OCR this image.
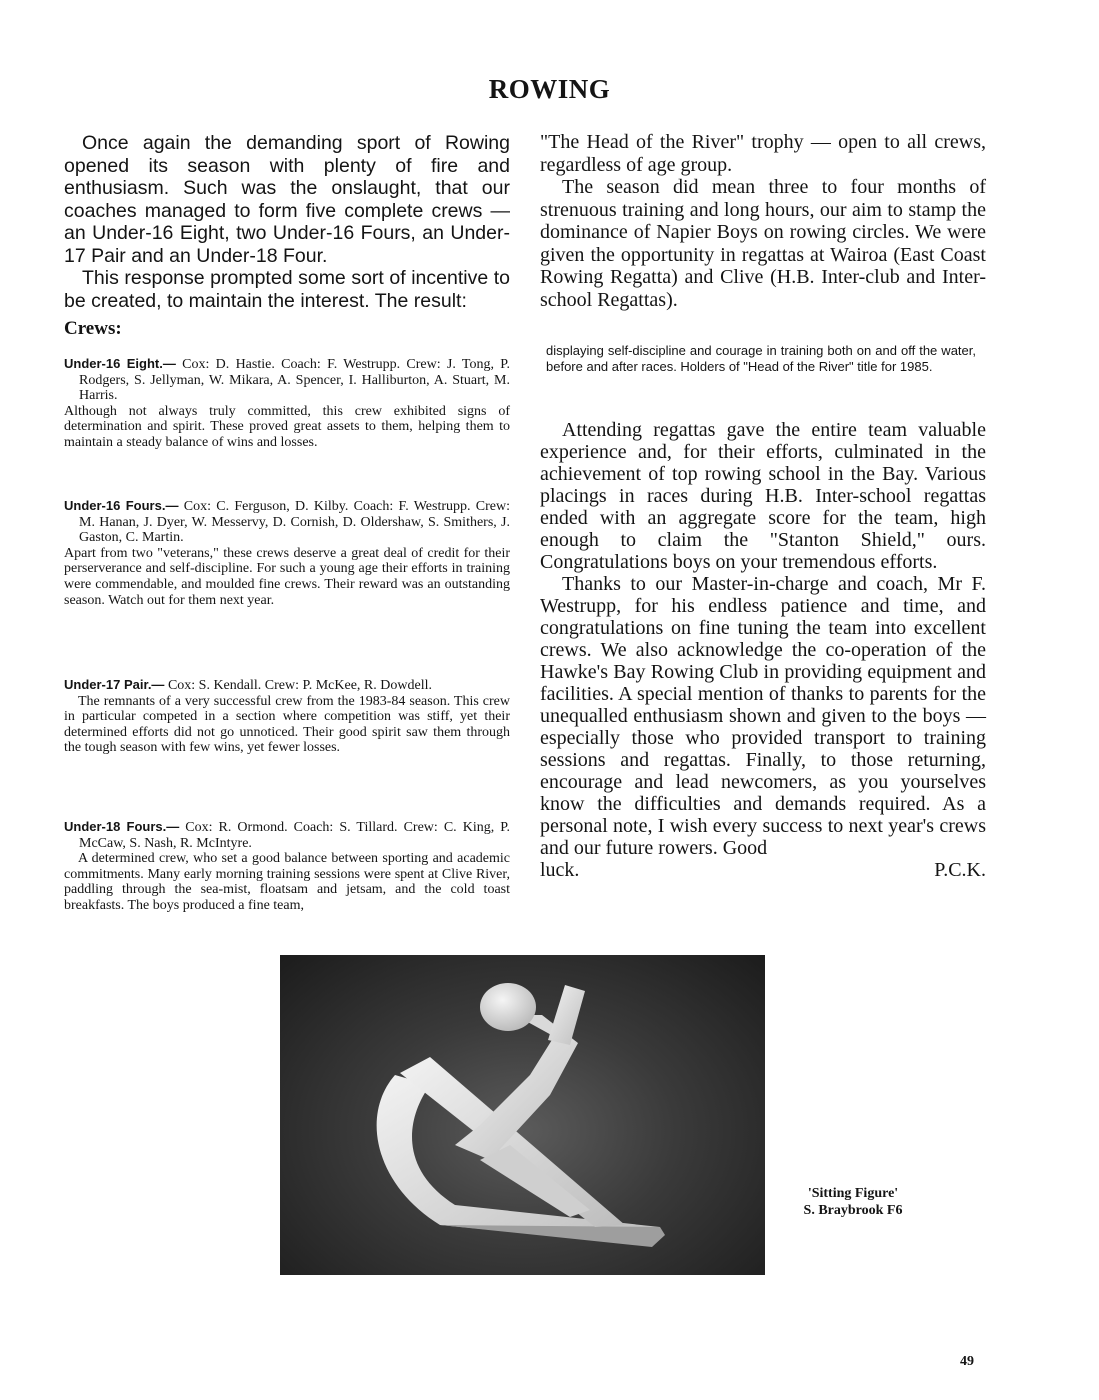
ROWING

Once again the demanding sport of Rowing opened its season with plenty of fire and enthusiasm. Such was the onslaught, that our coaches managed to form five complete crews — an Under-16 Eight, two Under-16 Fours, an Under-17 Pair and an Under-18 Four.

This response prompted some sort of incentive to be created, to maintain the interest. The result:

Crews:

Under-16 Eight.— Cox: D. Hastie. Coach: F. Westrupp. Crew: J. Tong, P. Rodgers, S. Jellyman, W. Mikara, A. Spencer, I. Halliburton, A. Stuart, M. Harris.

Although not always truly committed, this crew exhibited signs of determination and spirit. These proved great assets to them, helping them to maintain a steady balance of wins and losses.

Under-16 Fours.— Cox: C. Ferguson, D. Kilby. Coach: F. Westrupp. Crew: M. Hanan, J. Dyer, W. Messervy, D. Cornish, D. Oldershaw, S. Smithers, J. Gaston, C. Martin.

Apart from two "veterans," these crews deserve a great deal of credit for their perserverance and self-discipline. For such a young age their efforts in training were commendable, and moulded fine crews. Their reward was an outstanding season. Watch out for them next year.

Under-17 Pair.— Cox: S. Kendall. Crew: P. McKee, R. Dowdell.

The remnants of a very successful crew from the 1983-84 season. This crew in particular competed in a section where competition was stiff, yet their determined efforts did not go unnoticed. Their good spirit saw them through the tough season with few wins, yet fewer losses.

Under-18 Fours.— Cox: R. Ormond. Coach: S. Tillard. Crew: C. King, P. McCaw, S. Nash, R. McIntyre.

A determined crew, who set a good balance between sporting and academic commitments. Many early morning training sessions were spent at Clive River, paddling through the sea-mist, floatsam and jetsam, and the cold toast breakfasts. The boys produced a fine team,

"The Head of the River" trophy — open to all crews, regardless of age group.

The season did mean three to four months of strenuous training and long hours, our aim to stamp the dominance of Napier Boys on rowing circles. We were given the opportunity in regattas at Wairoa (East Coast Rowing Regatta) and Clive (H.B. Inter-club and Inter-school Regattas).

displaying self-discipline and courage in training both on and off the water, before and after races. Holders of "Head of the River" title for 1985.

Attending regattas gave the entire team valuable experience and, for their efforts, culminated in the achievement of top rowing school in the Bay. Various placings in races during H.B. Inter-school regattas ended with an aggregate score for the team, high enough to claim the "Stanton Shield," ours. Congratulations boys on your tremendous efforts.

Thanks to our Master-in-charge and coach, Mr F. Westrupp, for his endless patience and time, and congratulations on fine tuning the team into excellent crews. We also acknowledge the co-operation of the Hawke's Bay Rowing Club in providing equipment and facilities. A special mention of thanks to parents for the unequalled enthusiasm shown and given to the boys — especially those who provided transport to training sessions and regattas. Finally, to those returning, encourage and lead newcomers, as you yourselves know the difficulties and demands required. As a personal note, I wish every success to next year's crews and our future rowers. Good

luck.	P.C.K.
'Sitting Figure'
S. Braybrook F6
49
